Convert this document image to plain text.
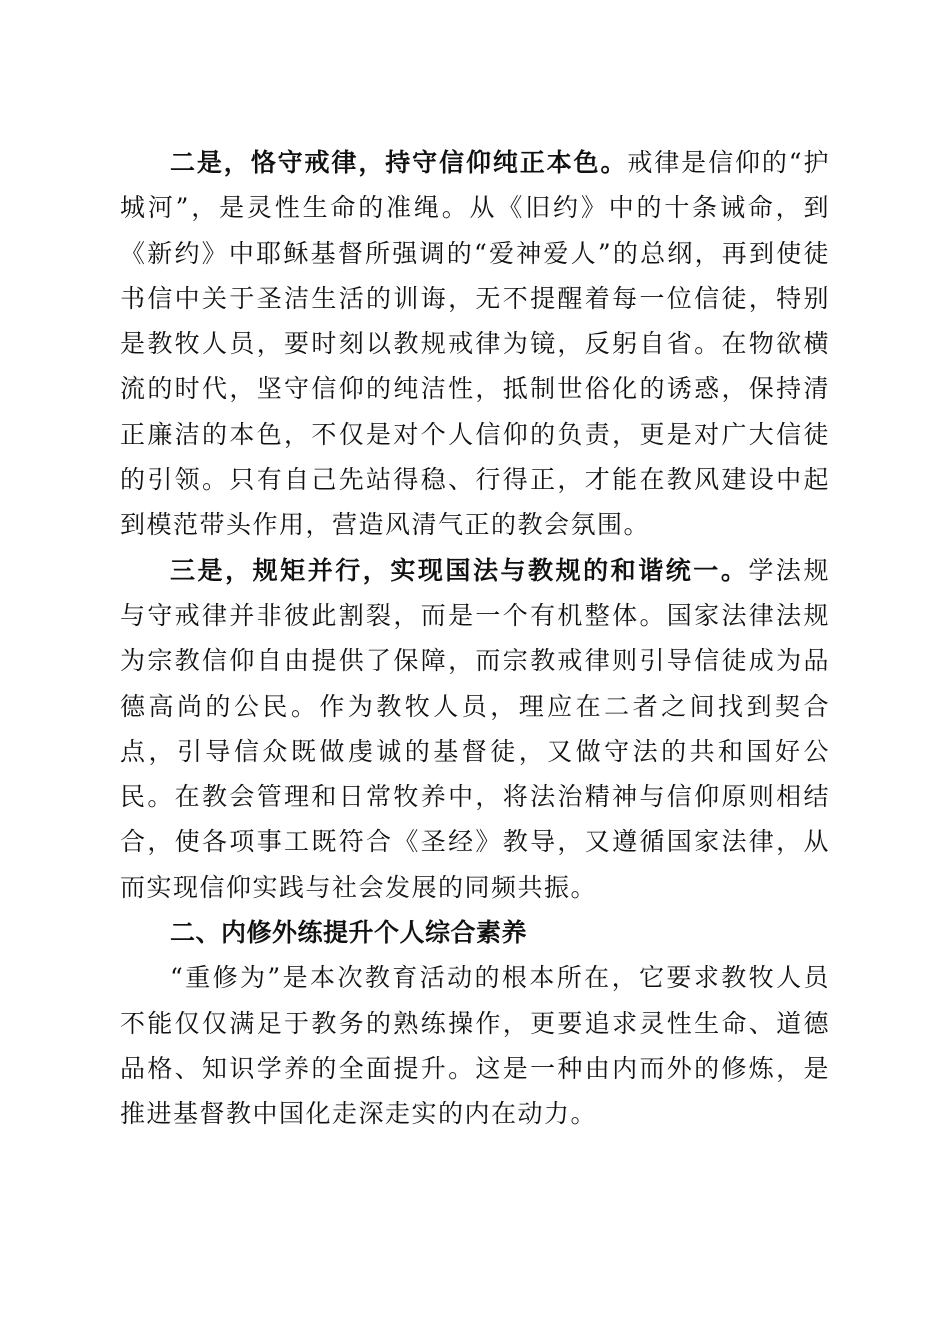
二是，恪守戒律，持守信仰纯正本色。戒律是信仰的“护城河”，是灵性生命的准绳。从《旧约》中的十条诫命，到《新约》中耶稣基督所强调的“爱神爱人”的总纲，再到使徒书信中关于圣洁生活的训诲，无不提醒着每一位信徒，特别是教牧人员，要时刻以教规戒律为镜，反躬自省。在物欲横流的时代，坚守信仰的纯洁性，抵制世俗化的诱惑，保持清正廉洁的本色，不仅是对个人信仰的负责，更是对广大信徒的引领。只有自己先站得稳、行得正，才能在教风建设中起到模范带头作用，营造风清气正的教会氛围。

三是，规矩并行，实现国法与教规的和谐统一。学法规与守戒律并非彼此割裂，而是一个有机整体。国家法律法规为宗教信仰自由提供了保障，而宗教戒律则引导信徒成为品德高尚的公民。作为教牧人员，理应在二者之间找到契合点，引导信众既做虔诚的基督徒，又做守法的共和国好公民。在教会管理和日常牧养中，将法治精神与信仰原则相结合，使各项事工既符合《圣经》教导，又遵循国家法律，从而实现信仰实践与社会发展的同频共振。

二、内修外练提升个人综合素养

“重修为”是本次教育活动的根本所在，它要求教牧人员不能仅仅满足于教务的熟练操作，更要追求灵性生命、道德品格、知识学养的全面提升。这是一种由内而外的修炼，是推进基督教中国化走深走实的内在动力。
